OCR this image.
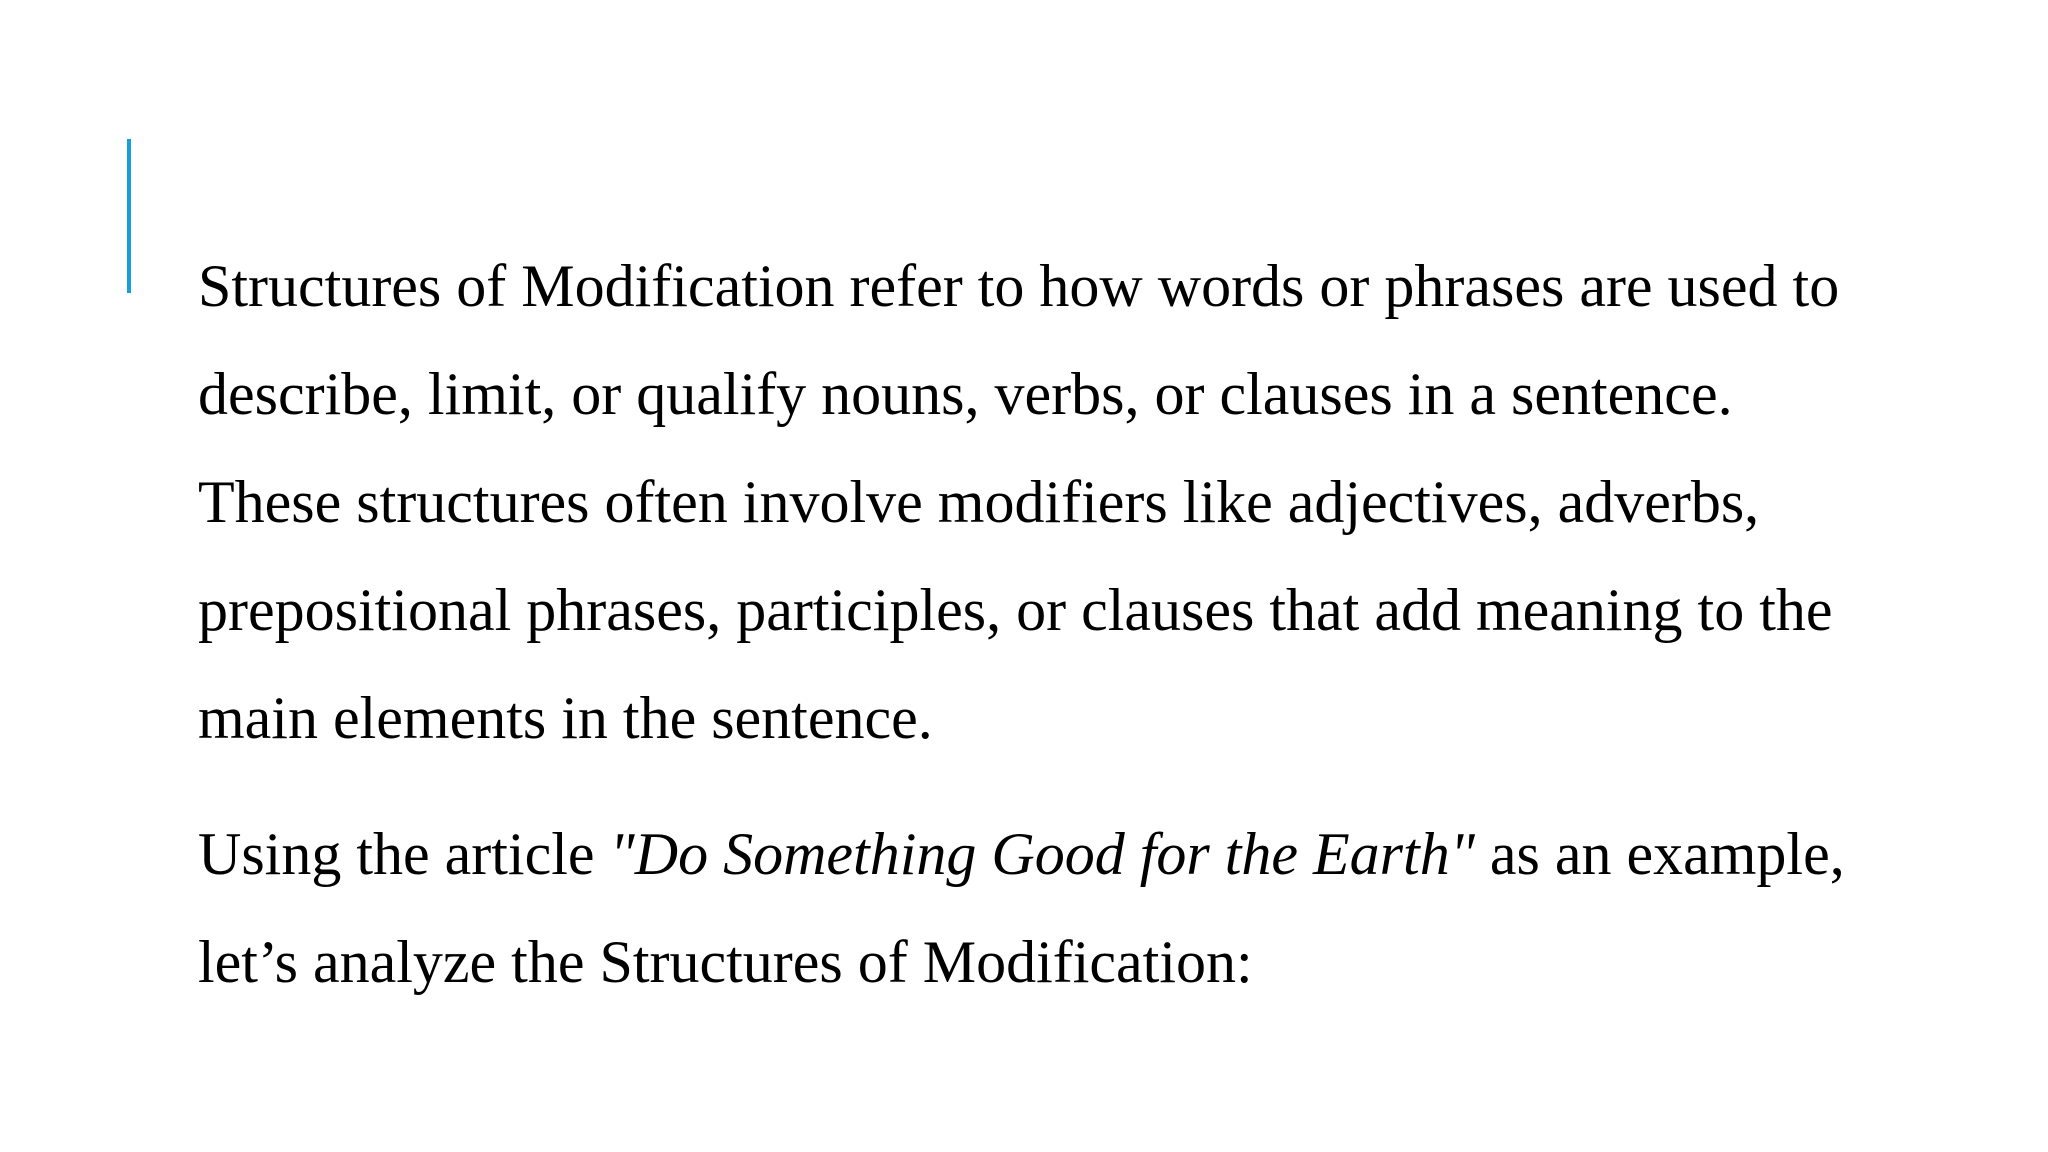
Structures of Modification refer to how words or phrases are used to describe, limit, or qualify nouns, verbs, or clauses in a sentence. These structures often involve modifiers like adjectives, adverbs, prepositional phrases, participles, or clauses that add meaning to the main elements in the sentence.

Using the article "Do Something Good for the Earth" as an example, let’s analyze the Structures of Modification:
